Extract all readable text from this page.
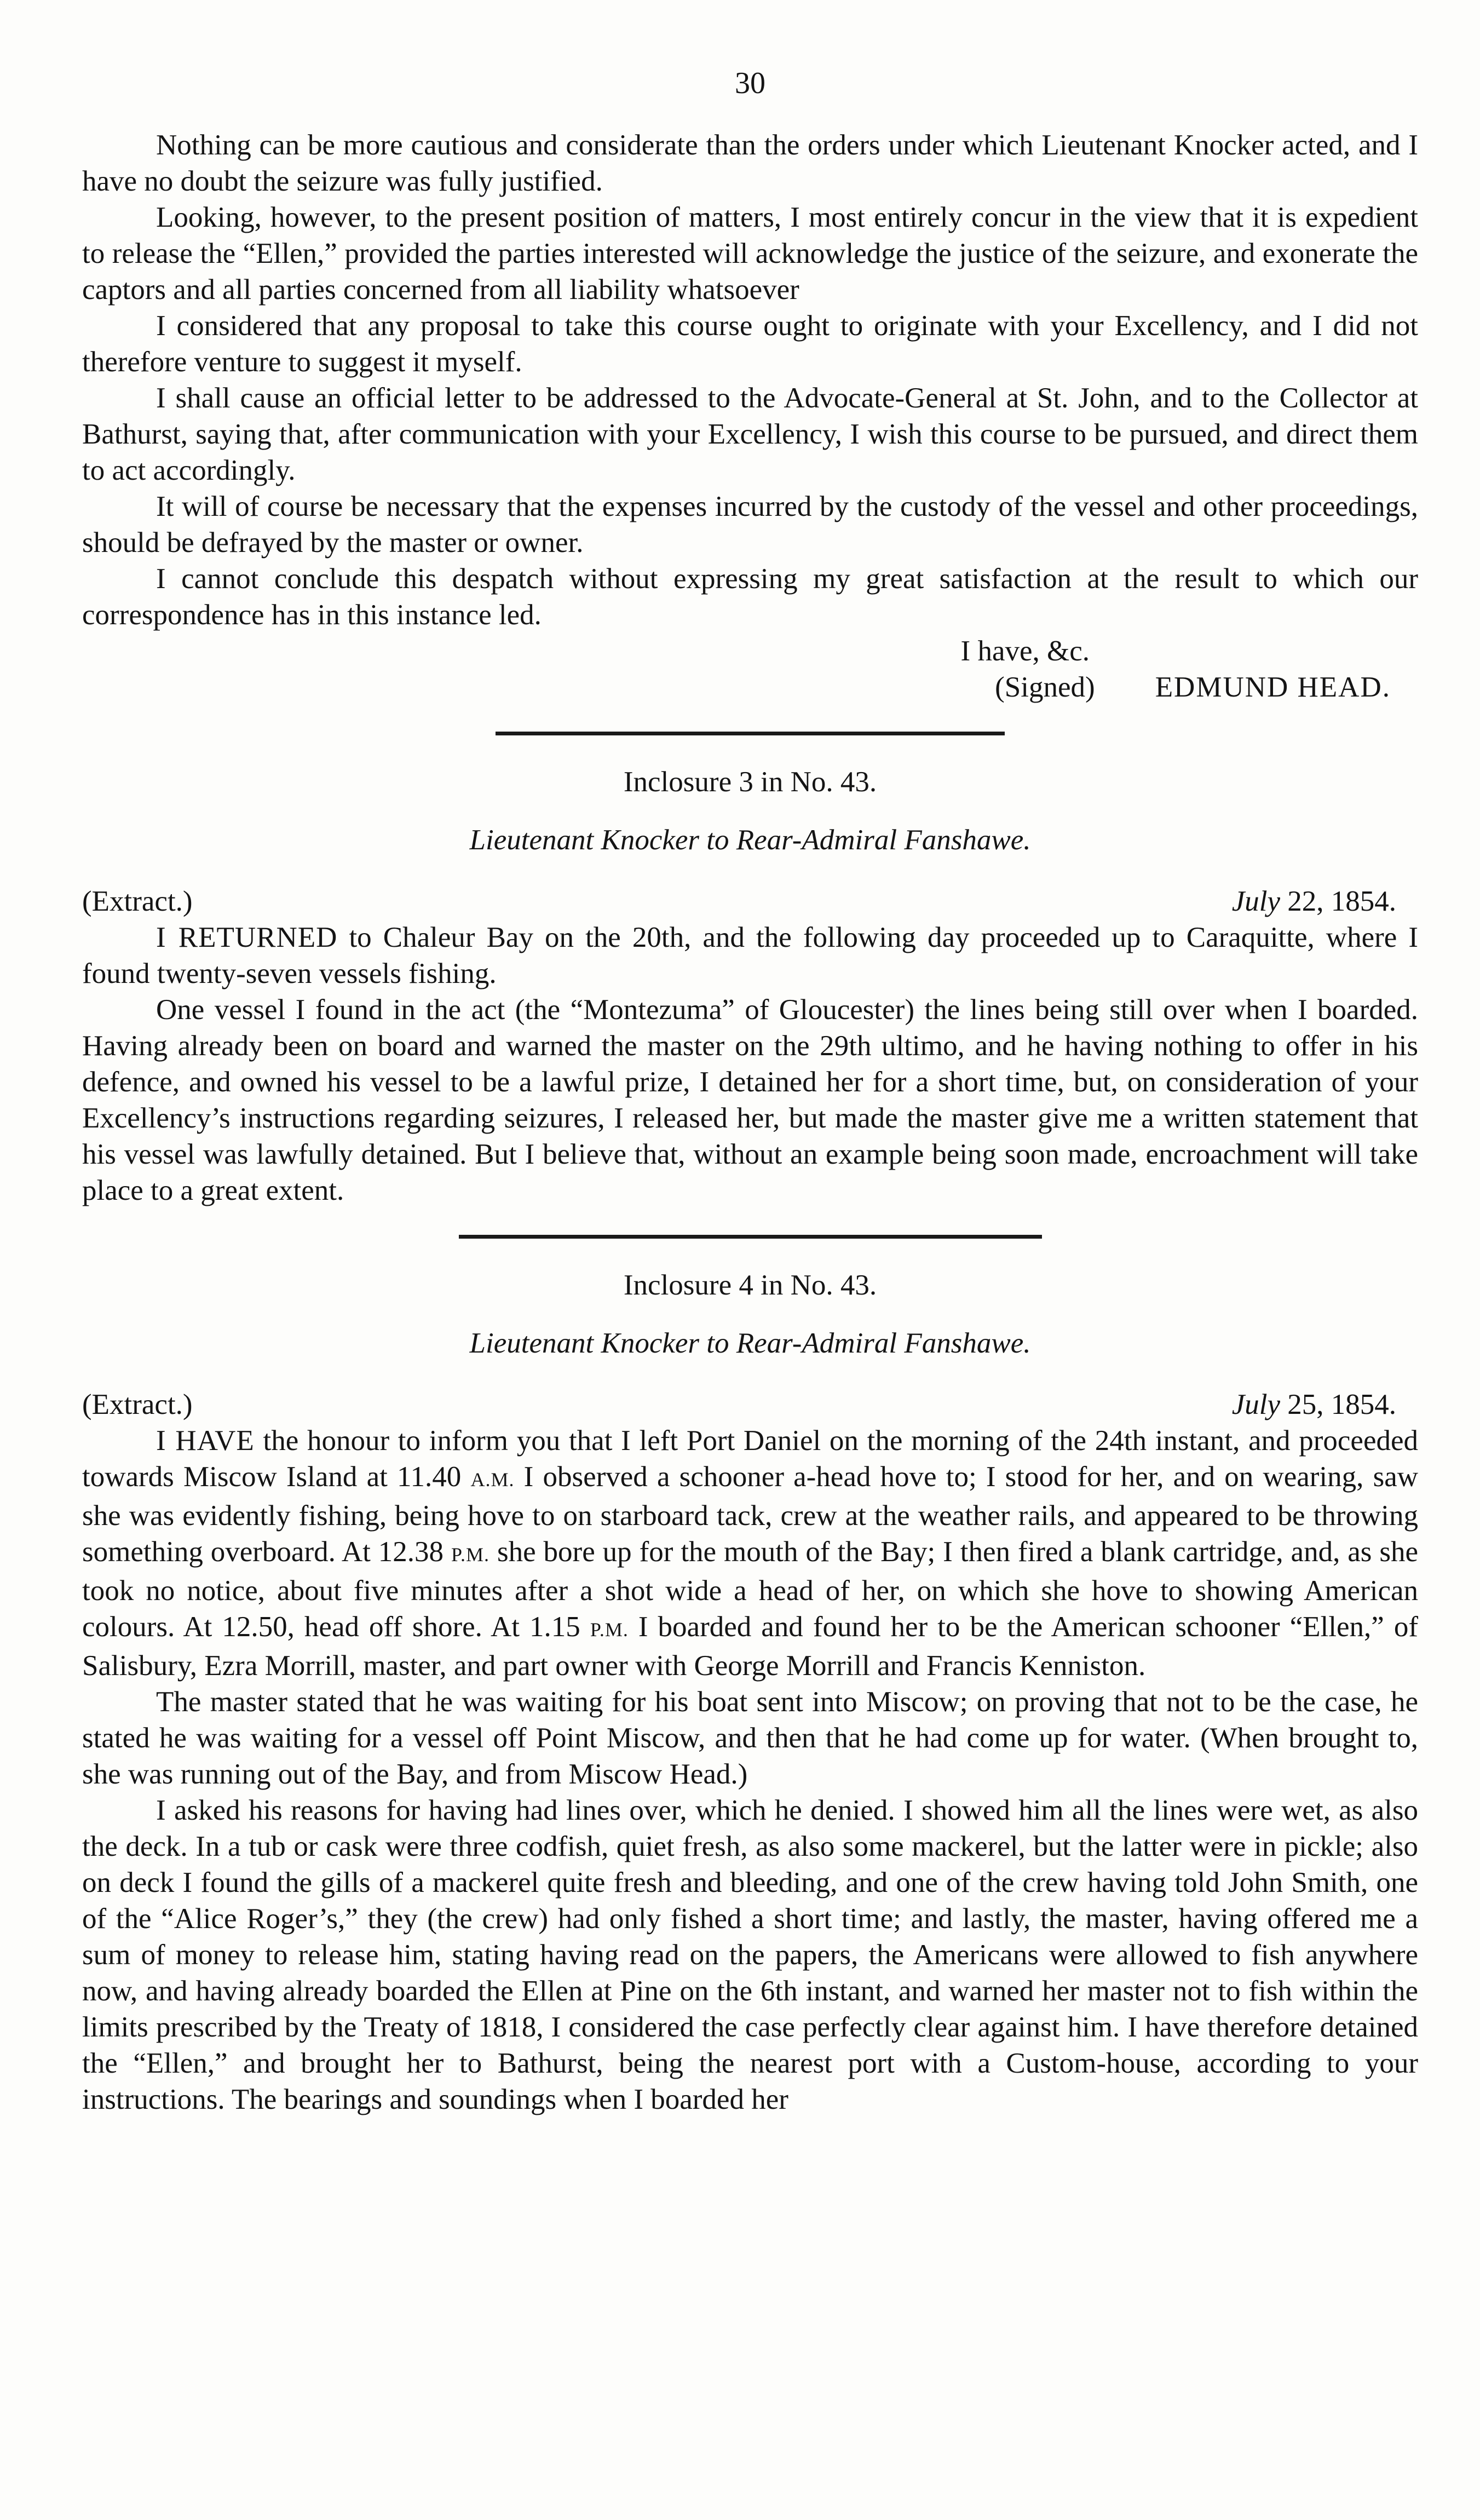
30

Nothing can be more cautious and considerate than the orders under which Lieutenant Knocker acted, and I have no doubt the seizure was fully justified.

Looking, however, to the present position of matters, I most entirely concur in the view that it is expedient to release the “Ellen,” provided the parties interested will acknowledge the justice of the seizure, and exonerate the captors and all parties concerned from all liability whatsoever

I considered that any proposal to take this course ought to originate with your Excellency, and I did not therefore venture to suggest it myself.

I shall cause an official letter to be addressed to the Advocate-General at St. John, and to the Collector at Bathurst, saying that, after communication with your Excellency, I wish this course to be pursued, and direct them to act accordingly.

It will of course be necessary that the expenses incurred by the custody of the vessel and other proceedings, should be defrayed by the master or owner.

I cannot conclude this despatch without expressing my great satisfaction at the result to which our correspondence has in this instance led.

I have, &c.
(Signed) EDMUND HEAD.
Inclosure 3 in No. 43.
Lieutenant Knocker to Rear-Admiral Fanshawe.
(Extract.)	July 22, 1854.

I RETURNED to Chaleur Bay on the 20th, and the following day proceeded up to Caraquitte, where I found twenty-seven vessels fishing.

One vessel I found in the act (the “Montezuma” of Gloucester) the lines being still over when I boarded. Having already been on board and warned the master on the 29th ultimo, and he having nothing to offer in his defence, and owned his vessel to be a lawful prize, I detained her for a short time, but, on consideration of your Excellency’s instructions regarding seizures, I released her, but made the master give me a written statement that his vessel was lawfully detained. But I believe that, without an example being soon made, encroachment will take place to a great extent.

Inclosure 4 in No. 43.
Lieutenant Knocker to Rear-Admiral Fanshawe.
(Extract.)	July 25, 1854.

I HAVE the honour to inform you that I left Port Daniel on the morning of the 24th instant, and proceeded towards Miscow Island at 11.40 A.M. I observed a schooner a-head hove to; I stood for her, and on wearing, saw she was evidently fishing, being hove to on starboard tack, crew at the weather rails, and appeared to be throwing something overboard. At 12.38 P.M. she bore up for the mouth of the Bay; I then fired a blank cartridge, and, as she took no notice, about five minutes after a shot wide a head of her, on which she hove to showing American colours. At 12.50, head off shore. At 1.15 P.M. I boarded and found her to be the American schooner “Ellen,” of Salisbury, Ezra Morrill, master, and part owner with George Morrill and Francis Kenniston.

The master stated that he was waiting for his boat sent into Miscow; on proving that not to be the case, he stated he was waiting for a vessel off Point Miscow, and then that he had come up for water. (When brought to, she was running out of the Bay, and from Miscow Head.)

I asked his reasons for having had lines over, which he denied. I showed him all the lines were wet, as also the deck. In a tub or cask were three codfish, quiet fresh, as also some mackerel, but the latter were in pickle; also on deck I found the gills of a mackerel quite fresh and bleeding, and one of the crew having told John Smith, one of the “Alice Roger’s,” they (the crew) had only fished a short time; and lastly, the master, having offered me a sum of money to release him, stating having read on the papers, the Americans were allowed to fish anywhere now, and having already boarded the Ellen at Pine on the 6th instant, and warned her master not to fish within the limits prescribed by the Treaty of 1818, I considered the case perfectly clear against him. I have therefore detained the “Ellen,” and brought her to Bathurst, being the nearest port with a Custom-house, according to your instructions. The bearings and soundings when I boarded her
